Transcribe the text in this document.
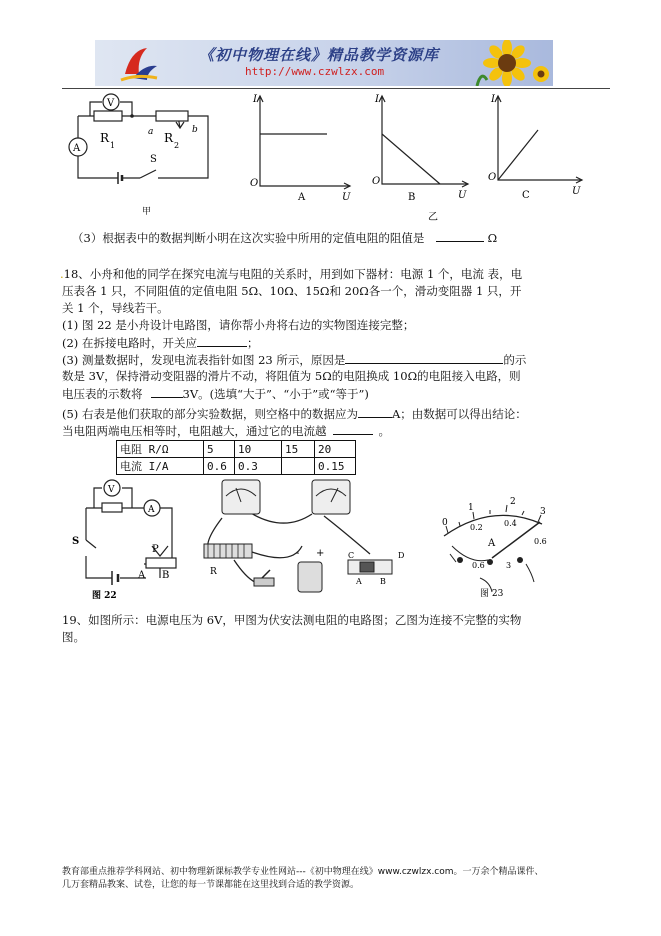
《初中物理在线》精品教学资源库
http://www.czwlzx.com
V
A
R
1
R
2
a	b
S
甲
I
O
U
A
I
O
U
B
乙
I
O
U
C
（3）根据表中的数据判断小明在这次实验中所用的定值电阻的阻值是	Ω
.18、小舟和他的同学在探究电流与电阻的关系时，用到如下器材：电源 1 个，电流 表，电
压表各 1 只，不同阻值的定值电阻 5Ω、10Ω、15Ω和 20Ω各一个，滑动变阻器 1 只，开
关 1 个，导线若干。
(1) 图 22 是小舟设计电路图，请你帮小舟将右边的实物图连接完整；
(2) 在拆接电路时，开关应	；
(3) 测量数据时，发现电流表指针如图 23 所示，原因是	的示
数是 3V，保持滑动变阻器的滑片不动，将阻值为 5Ω的电阻换成 10Ω的电阻接入电路，则
电压表的示数将	3V。(选填“大于”、“小于”或“等于”)
(5) 右表是他们获取的部分实验数据，则空格中的数据应为	A；由数据可以得出结论：
当电阻两端电压相等时，电阻越大，通过它的电流越	。
电阻 R/Ω	5	10	15	20
电流 I/A	0.6	0.3		0.15
V
A
S
P
A B
图 22
R
- +	C	D
A B
0
1
2
3
0.2	0.4
0.6
A
0.6	3
图 23
19、如图所示：电源电压为 6V，甲图为伏安法测电阻的电路图；乙图为连接不完整的实物
图。
教育部重点推荐学科网站、初中物理新课标教学专业性网站---《初中物理在线》www.czwlzx.com。一万余个精品课件、
几万套精品教案、试卷，让您的每一节课都能在这里找到合适的教学资源。
